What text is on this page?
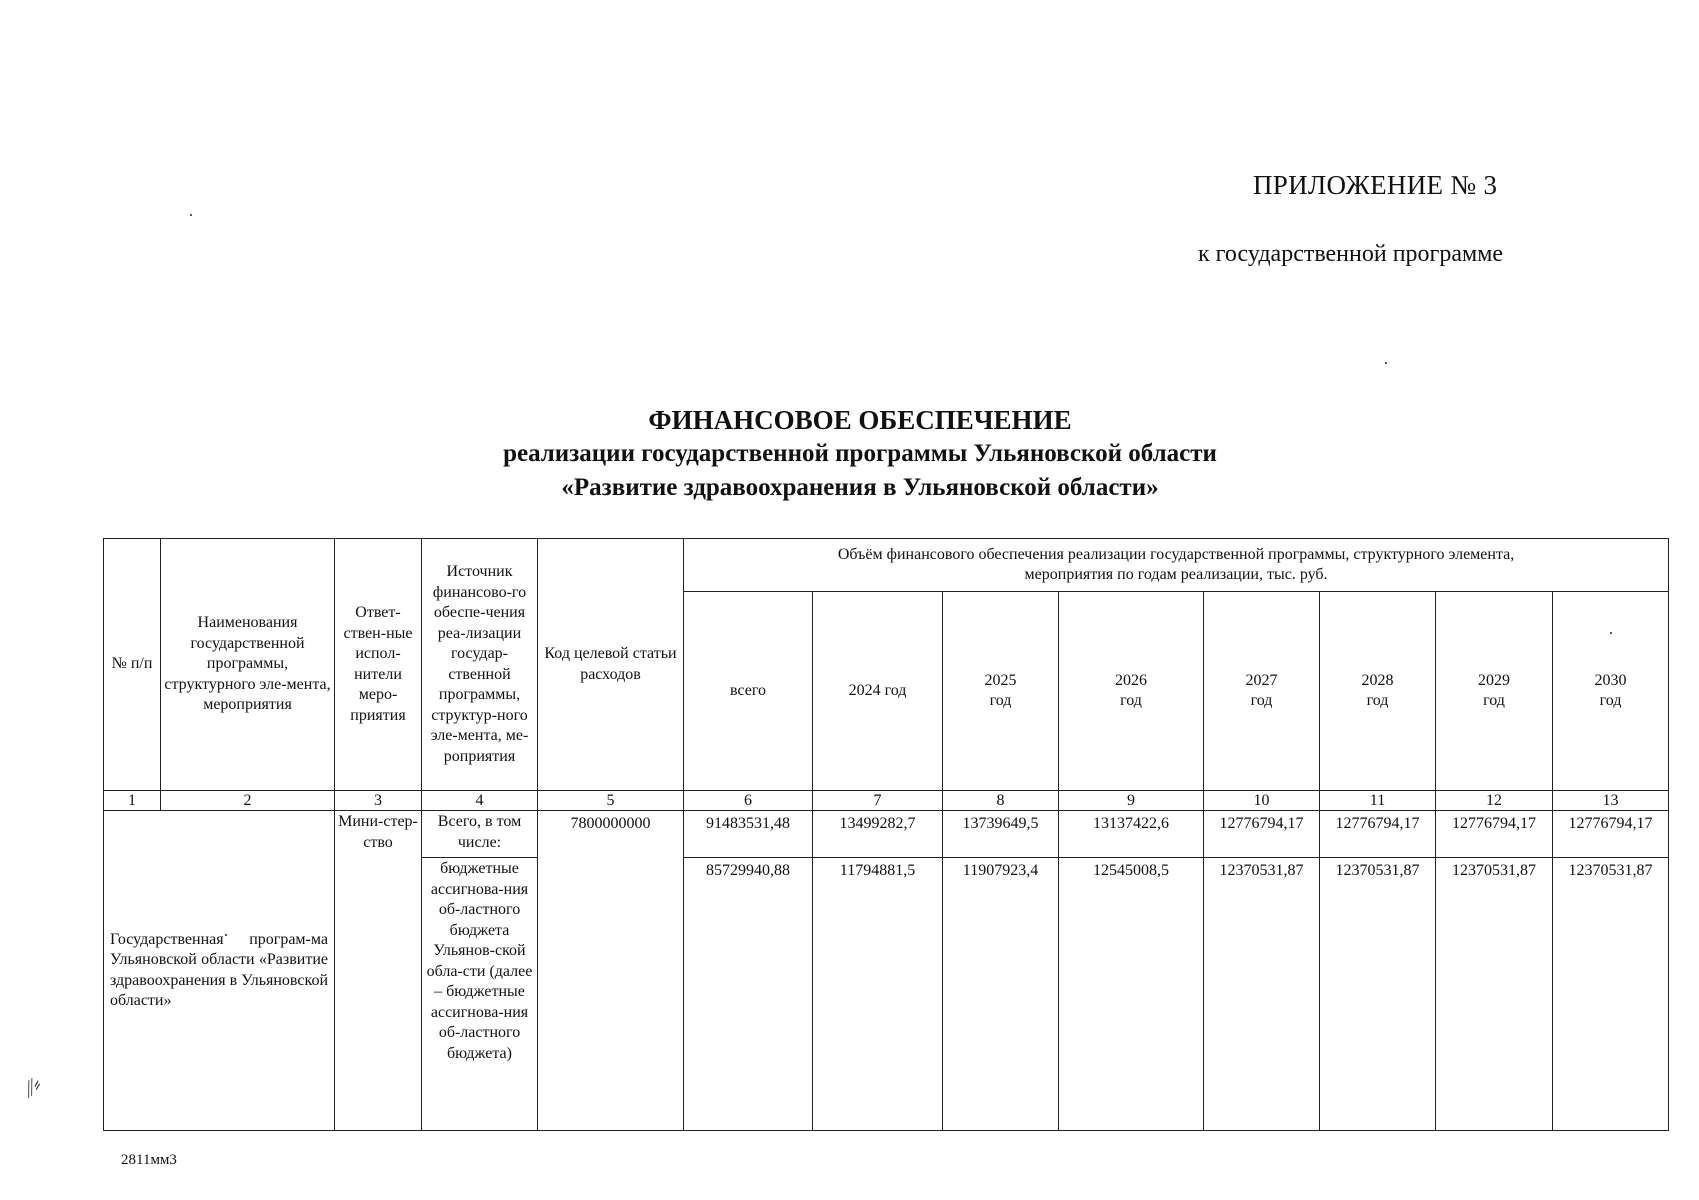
ПРИЛОЖЕНИЕ № 3
к государственной программе
ФИНАНСОВОЕ ОБЕСПЕЧЕНИЕ
реализации государственной программы Ульяновской области
«Развитие здравоохранения в Ульяновской области»
№ п/п	Наименования государственной программы, структурного эле-мента, мероприятия	Ответ-ствен-ные испол-нители меро-приятия	Источник финансово-го обеспе-чения реа-лизации государ-ственной программы, структур-ного эле-мента, ме-роприятия	Код целевой статьи расходов	Объём финансового обеспечения реализации государственной программы, структурного элемента, мероприятия по годам реализации, тыс. руб.							
					всего	2024 год	2025 год	2026 год	2027 год	2028 год	2029 год	2030 год
1	2	3	4	5	6	7	8	9	10	11	12	13

Государственная програм-ма Ульяновской области «Развитие здравоохранения в Ульяновской области»		Мини-стер-ство	Всего, в том числе:	7800000000	91483531,48	13499282,7	13739649,5	13137422,6	12776794,17	12776794,17	12776794,17	12776794,17
			бюджетные ассигнова-ния об-ластного бюджета Ульянов-ской обла-сти (далее – бюджетные ассигнова-ния об-ластного бюджета)		85729940,88	11794881,5	11907923,4	12545008,5	12370531,87	12370531,87	12370531,87	12370531,87
⁄⁄⸗
2811мм3
